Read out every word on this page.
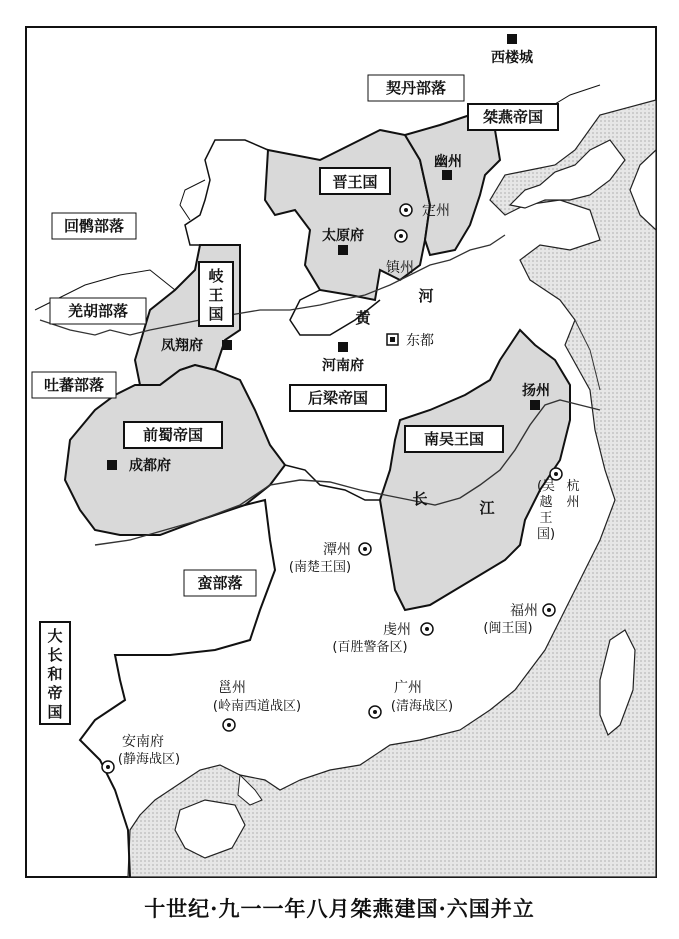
契丹部落
回鹘部落
羌胡部落
吐蕃部落
蛮部落
晋王国
桀燕帝国
岐
王
国
后梁帝国
前蜀帝国	南吴王国
大
长
和
帝
国
西楼城
幽州
太原府
凤翔府
河南府
扬州
成都府
东都
定州
镇州
杭
州
(吴
越
王
国)
潭州
(南楚王国)
福州
(闽王国)
虔州
(百胜警备区)
邕州
(岭南西道战区)
广州
(清海战区)
安南府
(静海战区)
黄
河
长	江
十世纪·九一一年八月桀燕建国·六国并立
